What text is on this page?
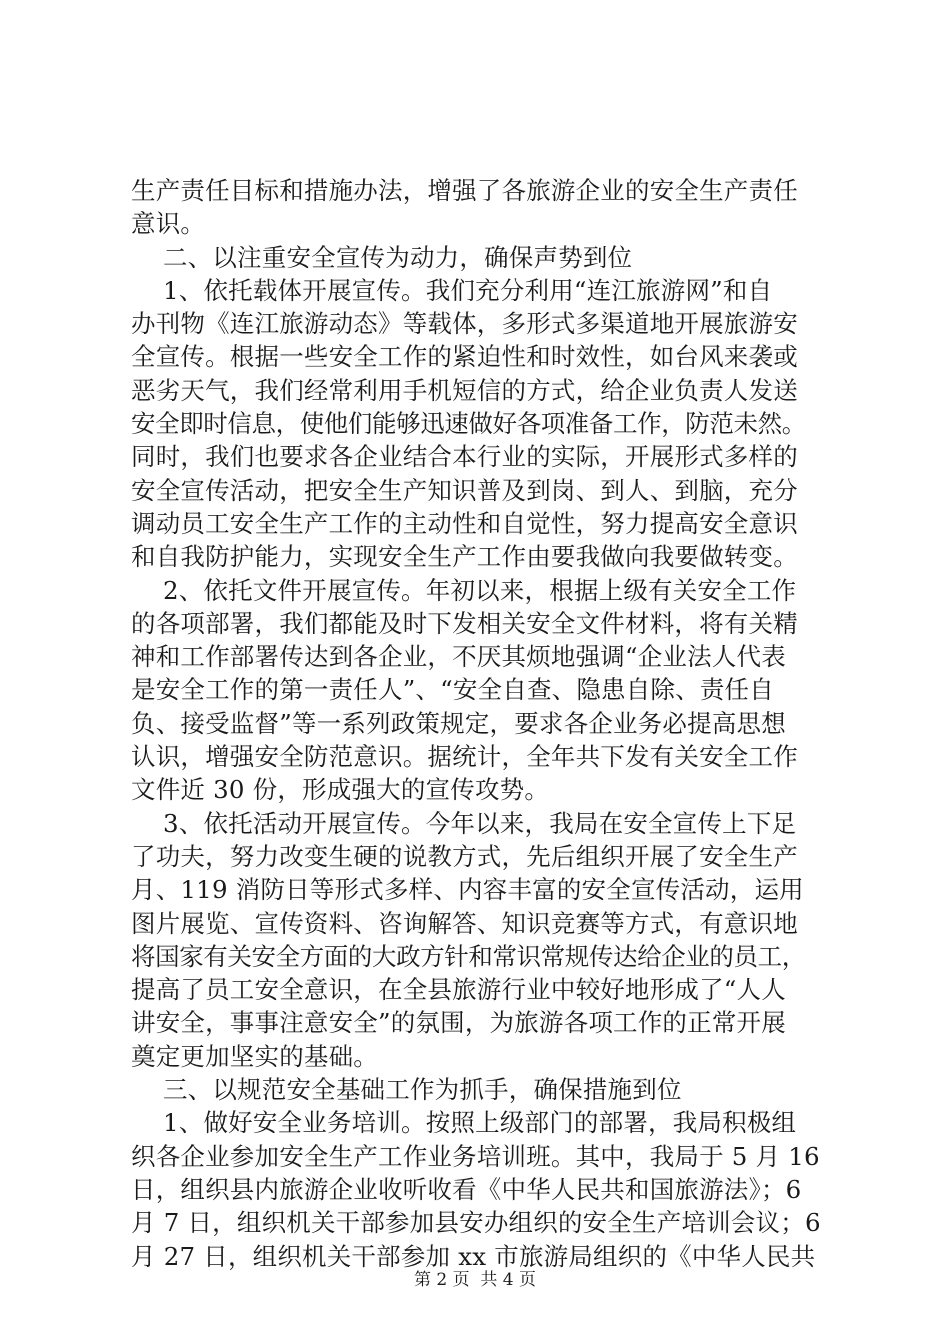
生产责任目标和措施办法，增强了各旅游企业的安全生产责任
意识。
二、以注重安全宣传为动力，确保声势到位
1、依托载体开展宣传。我们充分利用“连江旅游网”和自
办刊物《连江旅游动态》等载体，多形式多渠道地开展旅游安
全宣传。根据一些安全工作的紧迫性和时效性，如台风来袭或
恶劣天气，我们经常利用手机短信的方式，给企业负责人发送
安全即时信息，使他们能够迅速做好各项准备工作，防范未然。
同时，我们也要求各企业结合本行业的实际，开展形式多样的
安全宣传活动，把安全生产知识普及到岗、到人、到脑，充分
调动员工安全生产工作的主动性和自觉性，努力提高安全意识
和自我防护能力，实现安全生产工作由要我做向我要做转变。
2、依托文件开展宣传。年初以来，根据上级有关安全工作
的各项部署，我们都能及时下发相关安全文件材料，将有关精
神和工作部署传达到各企业，不厌其烦地强调“企业法人代表
是安全工作的第一责任人”、“安全自查、隐患自除、责任自
负、接受监督”等一系列政策规定，要求各企业务必提高思想
认识，增强安全防范意识。据统计，全年共下发有关安全工作
文件近 30 份，形成强大的宣传攻势。
3、依托活动开展宣传。今年以来，我局在安全宣传上下足
了功夫，努力改变生硬的说教方式，先后组织开展了安全生产
月、119 消防日等形式多样、内容丰富的安全宣传活动，运用
图片展览、宣传资料、咨询解答、知识竞赛等方式，有意识地
将国家有关安全方面的大政方针和常识常规传达给企业的员工，
提高了员工安全意识，在全县旅游行业中较好地形成了“人人
讲安全，事事注意安全”的氛围，为旅游各项工作的正常开展
奠定更加坚实的基础。
三、以规范安全基础工作为抓手，确保措施到位
1、做好安全业务培训。按照上级部门的部署，我局积极组
织各企业参加安全生产工作业务培训班。其中，我局于 5 月 16
日，组织县内旅游企业收听收看《中华人民共和国旅游法》；6
月 7 日，组织机关干部参加县安办组织的安全生产培训会议；6
月 27 日，组织机关干部参加 xx 市旅游局组织的《中华人民共
第 2 页  共 4 页
